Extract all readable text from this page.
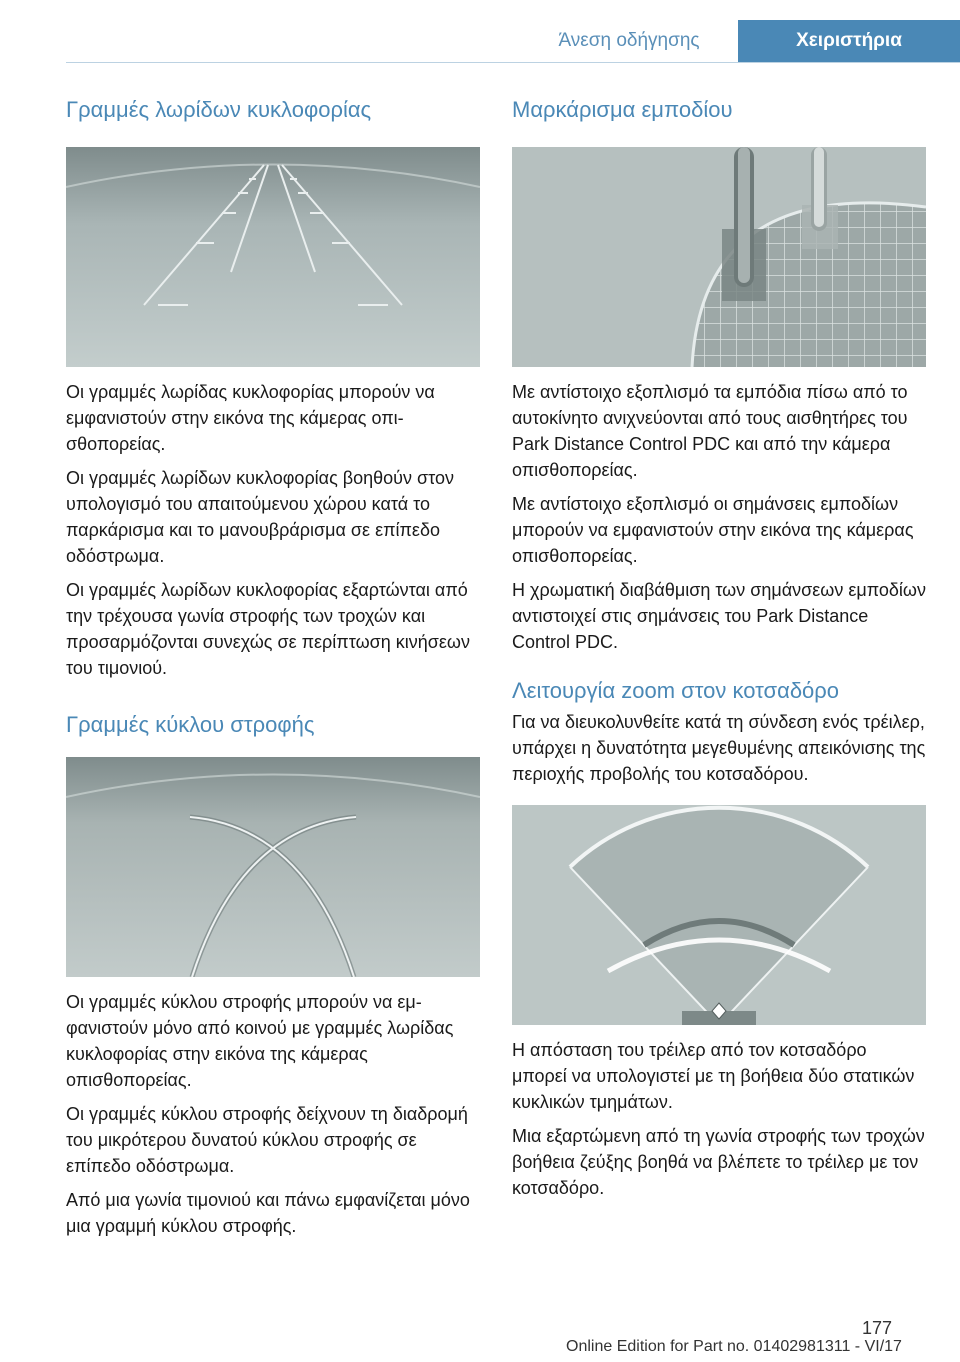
Άνεση οδήγησης	Χειριστήρια
Γραμμές λωρίδων κυκλοφορίας

Οι γραμμές λωρίδας κυκλοφορίας μπορούν να εμφανιστούν στην εικόνα της κάμερας οπισθοπορείας.

Οι γραμμές λωρίδων κυκλοφορίας βοηθούν στον υπολογισμό του απαιτούμενου χώρου κατά το παρκάρισμα και το μανουβράρισμα σε επίπεδο οδόστρωμα.

Οι γραμμές λωρίδων κυκλοφορίας εξαρτώνται από την τρέχουσα γωνία στροφής των τροχών και προσαρμόζονται συνεχώς σε περίπτωση κινήσεων του τιμονιού.

Γραμμές κύκλου στροφής

Οι γραμμές κύκλου στροφής μπορούν να εμφανιστούν μόνο από κοινού με γραμμές λωρίδας κυκλοφορίας στην εικόνα της κάμερας οπισθοπορείας.

Οι γραμμές κύκλου στροφής δείχνουν τη διαδρομή του μικρότερου δυνατού κύκλου στροφής σε επίπεδο οδόστρωμα.

Από μια γωνία τιμονιού και πάνω εμφανίζεται μόνο μια γραμμή κύκλου στροφής.

Μαρκάρισμα εμποδίου

Με αντίστοιχο εξοπλισμό τα εμπόδια πίσω από το αυτοκίνητο ανιχνεύονται από τους αισθητήρες του Park Distance Control PDC και από την κάμερα οπισθοπορείας.

Με αντίστοιχο εξοπλισμό οι σημάνσεις εμποδίων μπορούν να εμφανιστούν στην εικόνα της κάμερας οπισθοπορείας.

Η χρωματική διαβάθμιση των σημάνσεων εμποδίων αντιστοιχεί στις σημάνσεις του Park Distance Control PDC.

Λειτουργία zoom στον κοτσαδόρο

Για να διευκολυνθείτε κατά τη σύνδεση ενός τρέιλερ, υπάρχει η δυνατότητα μεγεθυμένης απεικόνισης της περιοχής προβολής του κοτσαδόρου.

Η απόσταση του τρέιλερ από τον κοτσαδόρο μπορεί να υπολογιστεί με τη βοήθεια δύο στατικών κυκλικών τμημάτων.

Μια εξαρτώμενη από τη γωνία στροφής των τροχών βοήθεια ζεύξης βοηθά να βλέπετε το τρέιλερ με τον κοτσαδόρο.

177
Online Edition for Part no. 01402981311 - VI/17
